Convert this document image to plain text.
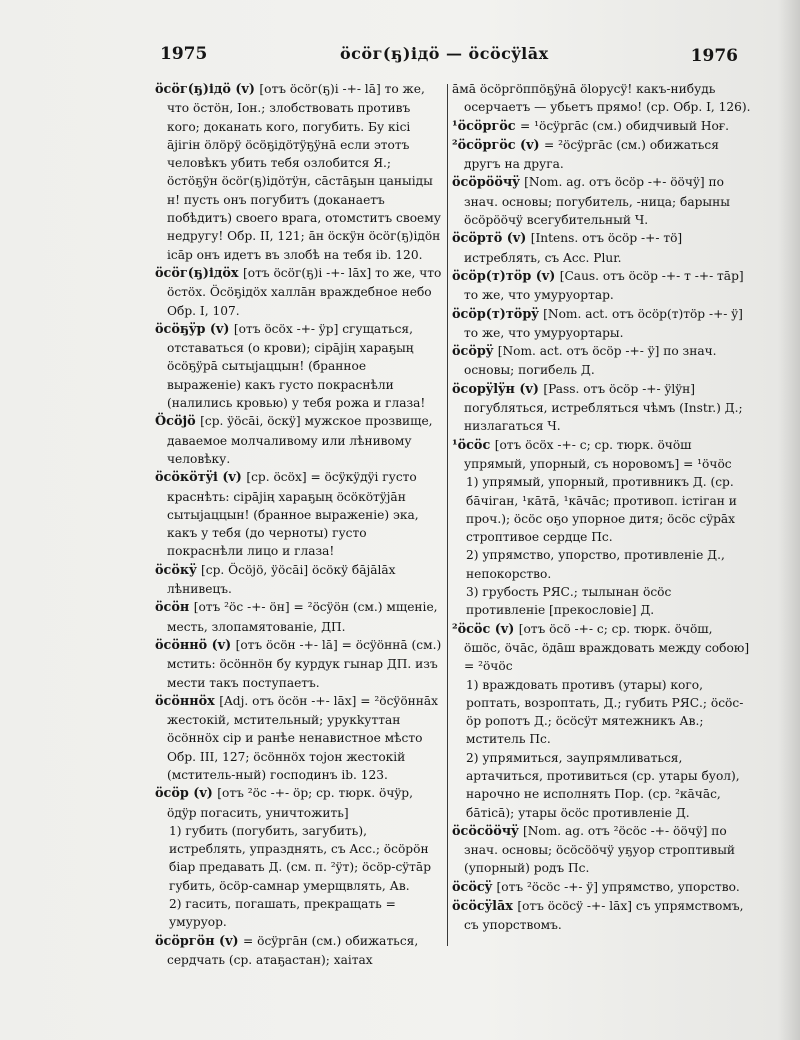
1975	öсöг(ҕ)ідö — öсöсÿlāх	1976

öсöг(ҕ)ідö (v) [отъ öсöг(ҕ)і -+- lā] то же, что öстöн, Іон.; злобствовать противъ кого; доканать кого, погубить. Бу кісі āјігін öлöрÿ öсöҕідöтÿҕÿнā если этотъ человѣкъ убить тебя озлобится Я.; öстöҕÿн öсöг(ҕ)ідöтÿн, сāстāҕын цаныіды н! пусть онъ погубитъ (доканаетъ побѣдитъ) своего врага, отомститъ своему недругу! Обр. II, 121; āн öскÿн öсöг(ҕ)ідöн ісāр онъ идетъ въ злобѣ на тебя ib. 120.

öсöг(ҕ)ідöх [отъ öсöг(ҕ)і -+- lāх] то же, что öстöх. Öсöҕідöх халлāн враждебное небо Обр. I, 107.

öсöҕÿр (v) [отъ öсöх -+- ÿр] сгущаться, отставаться (о крови); сірāјің хараҕың öсöҕÿрā сытыјаццын! (бранное выраженіе) какъ густо покраснѣли (налились кровью) у тебя рожа и глаза!

Öсöјö [ср. ÿöсāі, öскÿ] мужское прозвище, даваемое молчаливому или лѣнивому человѣку.

öсöкöтÿі (v) [ср. öсöх] = öсÿкÿдÿі густо краснѣть: сірāјің хараҕың öсöкöтÿјāн сытыјаццын! (бранное выраженіе) эка, какъ у тебя (до черноты) густо покраснѣли лицо и глаза!

öсöкÿ [ср. Öсöјö, ÿöсāі] öсöкÿ бāјālāх лѣнивецъ.

öсöн [отъ ²öс -+- öн] = ²öсÿöн (см.) мщеніе, месть, злопамятованіе, ДП.

öсöннö (v) [отъ öсöн -+- lā] = öсÿöннā (см.) мстить: öсöннöн бу курдук гынар ДП. изъ мести такъ поступаетъ.

öсöннöх [Adj. отъ öсöн -+- lāх] = ²öсÿöннāх жестокій, мстительный; урукkуттан öсöннöх сір и ранѣе ненавистное мѣсто Обр. III, 127; öсöннöх тојон жестокій (мститель-ный) господинъ ib. 123.

öсöр (v) [отъ ²öс -+- öр; ср. тюрк. öчÿр, öдÿр погасить, уничтожить]

1) губить (погубить, загубить), истреблять, упразднять, съ Acc.; öсöрöн біар предавать Д. (см. п. ²ÿт); öсöр-сÿтāр губить, öсöр-самнар умерщвлять, Ав.

2) гасить, погашать, прекращать = умуруор.

öсöргöн (v) = öсÿргāн (см.) обижаться, сердчать (ср. атаҕастан); хаітах

āмā öсöргöппöҕÿнā ölорусÿ! какъ-нибудь осерчаетъ — убьетъ прямо! (ср. Обр. I, 126).

¹öсöргöс = ¹öсÿргāс (см.) обидчивый Ноғ.

²öсöргöс (v) = ²öсÿргāс (см.) обижаться другъ на друга.

öсöрööчÿ [Nom. ag. отъ öсöр -+- ööчÿ] по знач. основы; погубитель, -ница; барыны öсöрööчÿ всегубительный Ч.

öсöртö (v) [Intens. отъ öсöр -+- тö] истреблять, съ Acc. Plur.

öсöр(т)тöр (v) [Caus. отъ öсöр -+- т -+- тāр] то же, что умуруортар.

öсöр(т)тöрÿ [Nom. act. отъ öсöр(т)тöр -+- ÿ] то же, что умуруортары.

öсöрÿ [Nom. act. отъ öсöр -+- ÿ] по знач. основы; погибель Д.

öсорÿlÿн (v) [Pass. отъ öсöр -+- ÿlÿн] погубляться, истребляться чѣмъ (Instr.) Д.; низлагаться Ч.

¹öсöс [отъ öсöх -+- с; ср. тюрк. öчöш упрямый, упорный, съ норовомъ] = ¹öчöс

1) упрямый, упорный, противникъ Д. (ср. бāчіган, ¹кāтā, ¹кāчāс; противоп. істіган и проч.); öсöс оҕо упорное дитя; öсöс сÿрāх строптивое сердце Пс.

2) упрямство, упорство, противленіе Д., непокорство.

3) грубость РЯС.; тылынан öсöс противленіе [прекословіе] Д.

²öсöс (v) [отъ öсö -+- с; ср. тюрк. öчöш, öшöс, öчāс, öдāш враждовать между собою] = ²öчöс

1) враждовать противъ (утары) кого, роптать, возроптать, Д.; губить РЯС.; öсöс-öр ропотъ Д.; öсöсÿт мятежникъ Ав.; мститель Пс.

2) упрямиться, заупрямливаться, артачиться, противиться (ср. утары буол), нарочно не исполнять Пор. (ср. ²кāчāс, бāтісā); утары öсöс противленіе Д.

öсöсööчÿ [Nom. ag. отъ ²öсöс -+- ööчÿ] по знач. основы; öсöсööчÿ уҕуор строптивый (упорный) родъ Пс.

öсöсÿ [отъ ²öсöс -+- ÿ] упрямство, упорство.

öсöсÿlāх [отъ öсöсÿ -+- lāх] съ упрямствомъ, съ упорствомъ.
